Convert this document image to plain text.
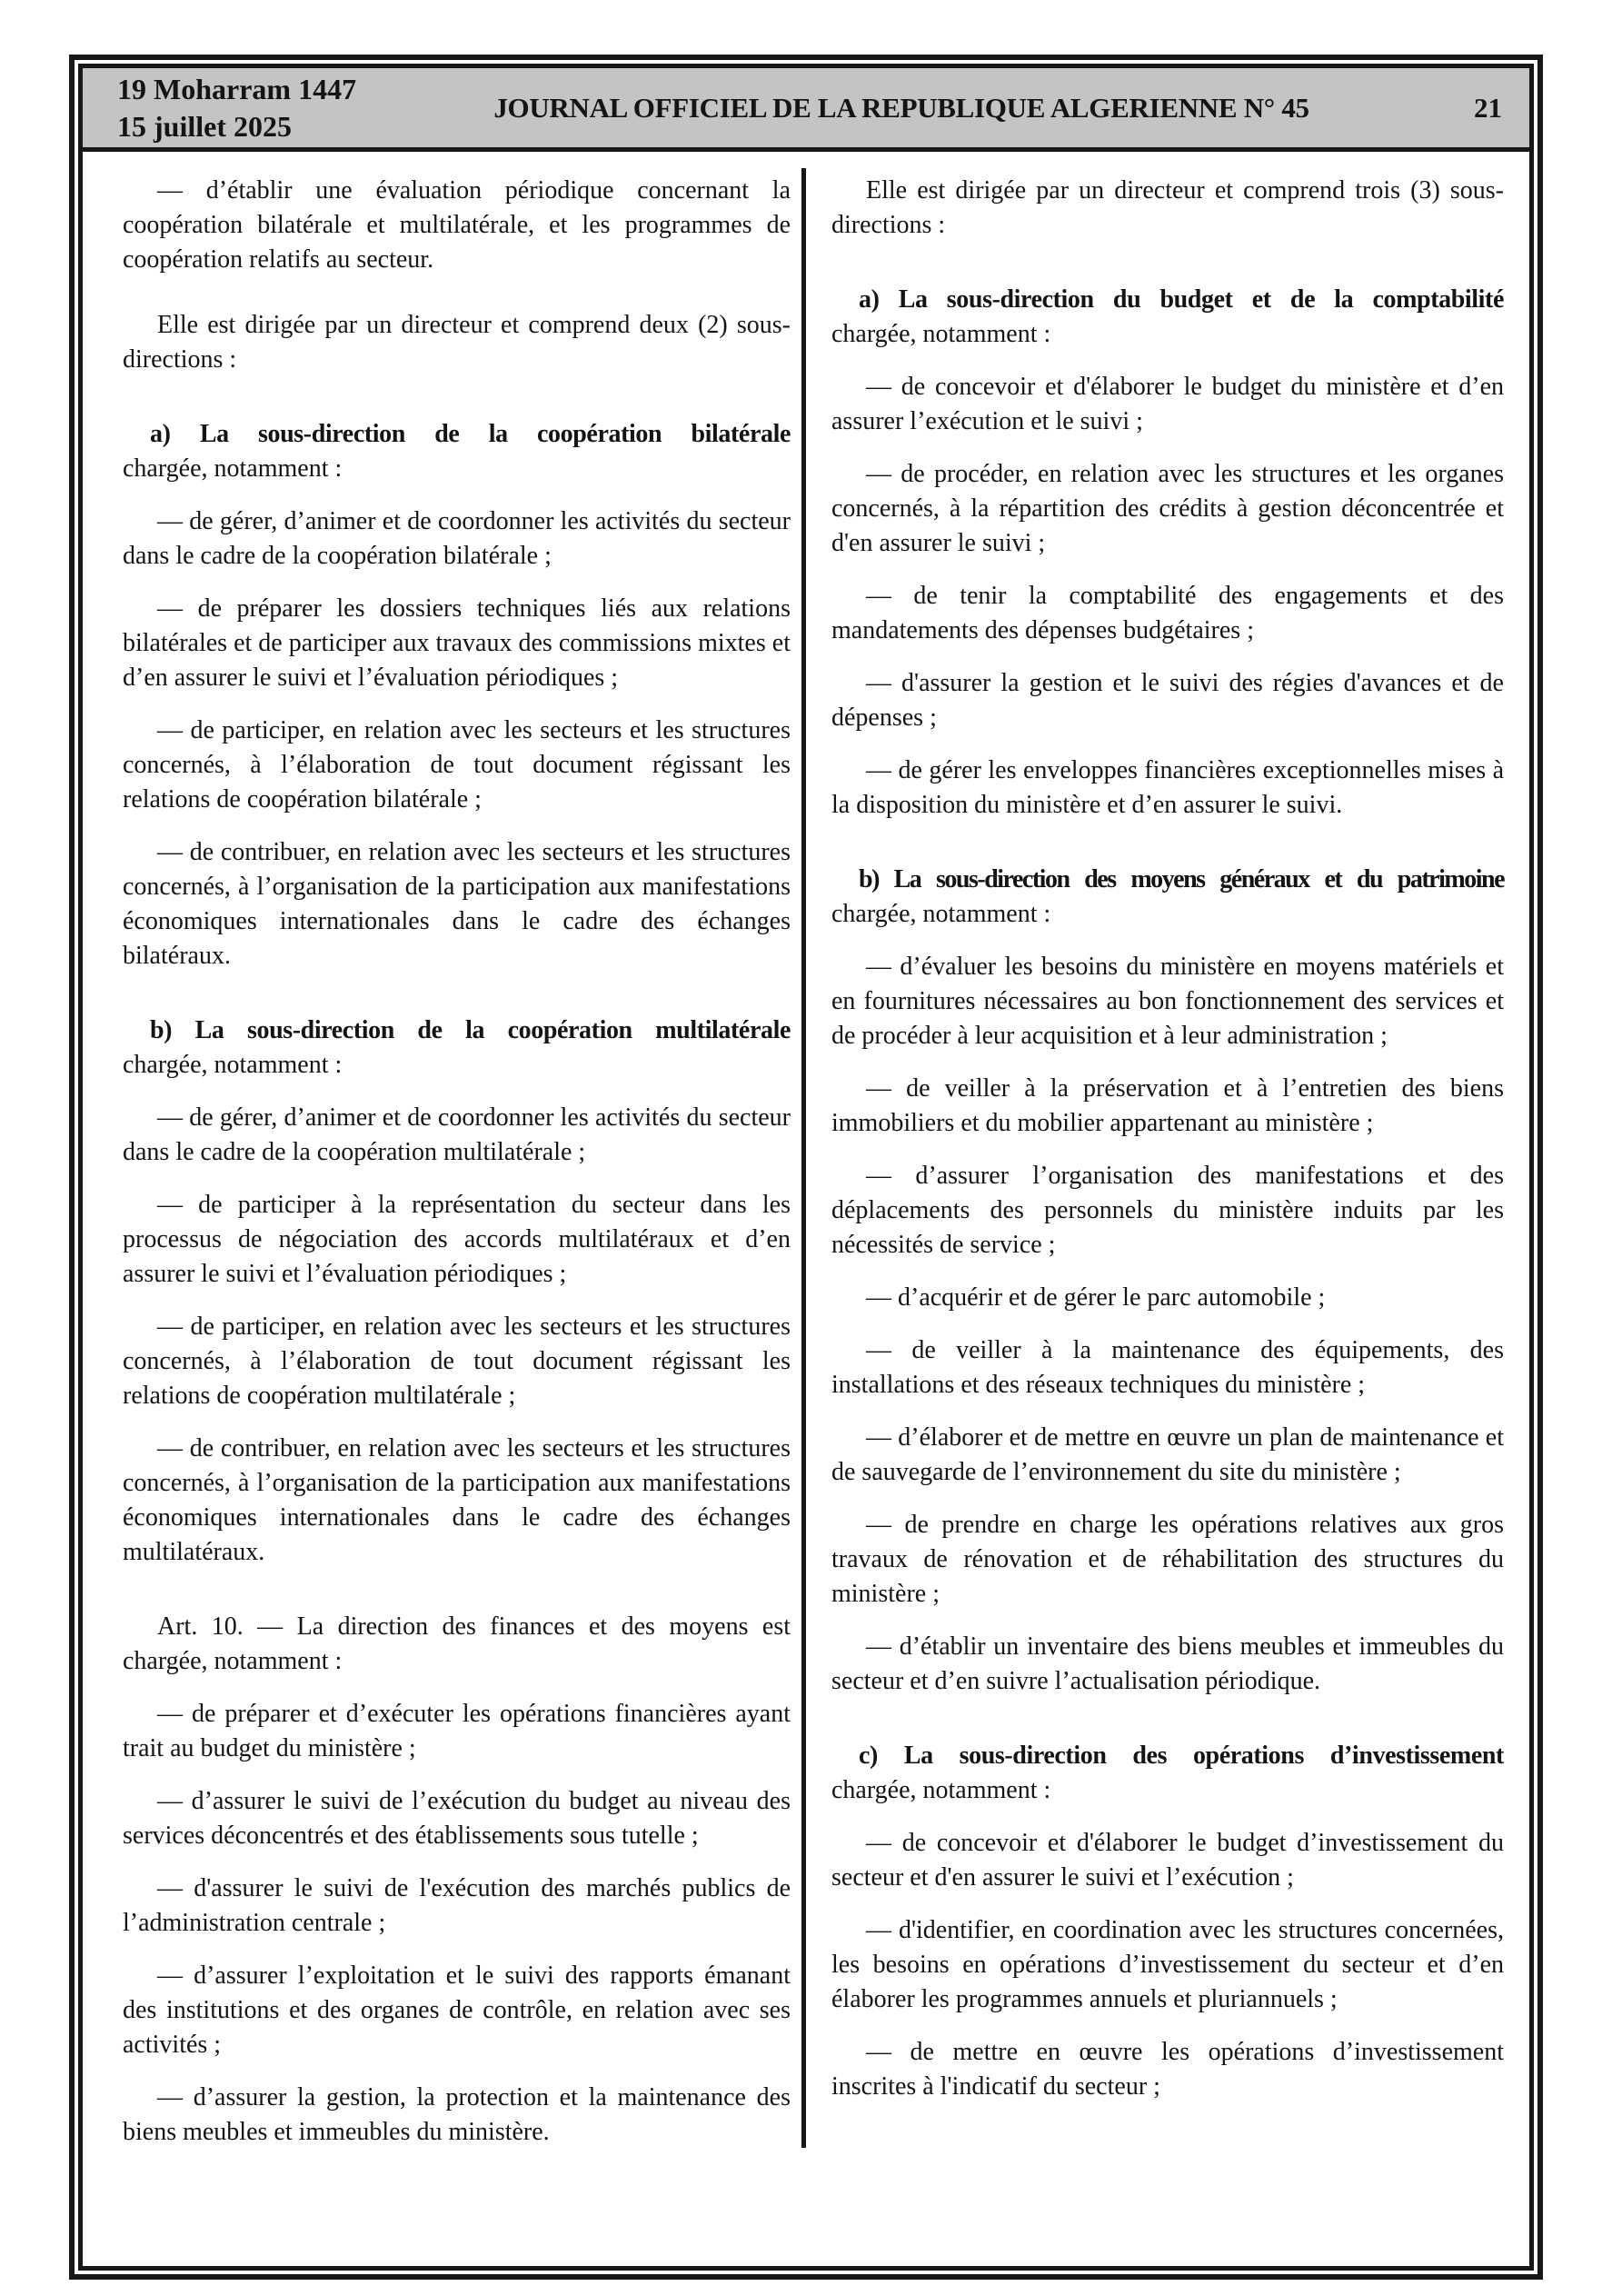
19 Moharram 1447
15 juillet 2025
JOURNAL OFFICIEL DE LA REPUBLIQUE ALGERIENNE N° 45	21

— d’établir une évaluation périodique concernant la coopération bilatérale et multilatérale, et les programmes de coopération relatifs au secteur.

Elle est dirigée par un directeur et comprend deux (2) sous-directions :

a) La sous-direction de la coopération bilatérale chargée, notamment :

— de gérer, d’animer et de coordonner les activités du secteur dans le cadre de la coopération bilatérale ;

— de préparer les dossiers techniques liés aux relations bilatérales et de participer aux travaux des commissions mixtes et d’en assurer le suivi et l’évaluation périodiques ;

— de participer, en relation avec les secteurs et les structures concernés, à l’élaboration de tout document régissant les relations de coopération bilatérale ;

— de contribuer, en relation avec les secteurs et les structures concernés, à l’organisation de la participation aux manifestations économiques internationales dans le cadre des échanges bilatéraux.

b) La sous-direction de la coopération multilatérale chargée, notamment :

— de gérer, d’animer et de coordonner les activités du secteur dans le cadre de la coopération multilatérale ;

— de participer à la représentation du secteur dans les processus de négociation des accords multilatéraux et d’en assurer le suivi et l’évaluation périodiques ;

— de participer, en relation avec les secteurs et les structures concernés, à l’élaboration de tout document régissant les relations de coopération multilatérale ;

— de contribuer, en relation avec les secteurs et les structures concernés, à l’organisation de la participation aux manifestations économiques internationales dans le cadre des échanges multilatéraux.

Art. 10. — La direction des finances et des moyens est chargée, notamment :

— de préparer et d’exécuter les opérations financières ayant trait au budget du ministère ;

— d’assurer le suivi de l’exécution du budget au niveau des services déconcentrés et des établissements sous tutelle ;

— d'assurer le suivi de l'exécution des marchés publics de l’administration centrale ;

— d’assurer l’exploitation et le suivi des rapports émanant des institutions et des organes de contrôle, en relation avec ses activités ;

— d’assurer la gestion, la protection et la maintenance des biens meubles et immeubles du ministère.

Elle est dirigée par un directeur et comprend trois (3) sous-directions :

a) La sous-direction du budget et de la comptabilité chargée, notamment :

— de concevoir et d'élaborer le budget du ministère et d’en assurer l’exécution et le suivi ;

— de procéder, en relation avec les structures et les organes concernés, à la répartition des crédits à gestion déconcentrée et d'en assurer le suivi ;

— de tenir la comptabilité des engagements et des mandatements des dépenses budgétaires ;

— d'assurer la gestion et le suivi des régies d'avances et de dépenses ;

— de gérer les enveloppes financières exceptionnelles mises à la disposition du ministère et d’en assurer le suivi.

b) La sous-direction des moyens généraux et du patrimoine chargée, notamment :

— d’évaluer les besoins du ministère en moyens matériels et en fournitures nécessaires au bon fonctionnement des services et de procéder à leur acquisition et à leur administration ;

— de veiller à la préservation et à l’entretien des biens immobiliers et du mobilier appartenant au ministère ;

— d’assurer l’organisation des manifestations et des déplacements des personnels du ministère induits par les nécessités de service ;

— d’acquérir et de gérer le parc automobile ;

— de veiller à la maintenance des équipements, des installations et des réseaux techniques du ministère ;

— d’élaborer et de mettre en œuvre un plan de maintenance et de sauvegarde de l’environnement du site du ministère ;

— de prendre en charge les opérations relatives aux gros travaux de rénovation et de réhabilitation des structures du ministère ;

— d’établir un inventaire des biens meubles et immeubles du secteur et d’en suivre l’actualisation périodique.

c) La sous-direction des opérations d’investissement chargée, notamment :

— de concevoir et d'élaborer le budget d’investissement du secteur et d'en assurer le suivi et l’exécution ;

— d'identifier, en coordination avec les structures concernées, les besoins en opérations d’investissement du secteur et d’en élaborer les programmes annuels et pluriannuels ;

— de mettre en œuvre les opérations d’investissement inscrites à l'indicatif du secteur ;
